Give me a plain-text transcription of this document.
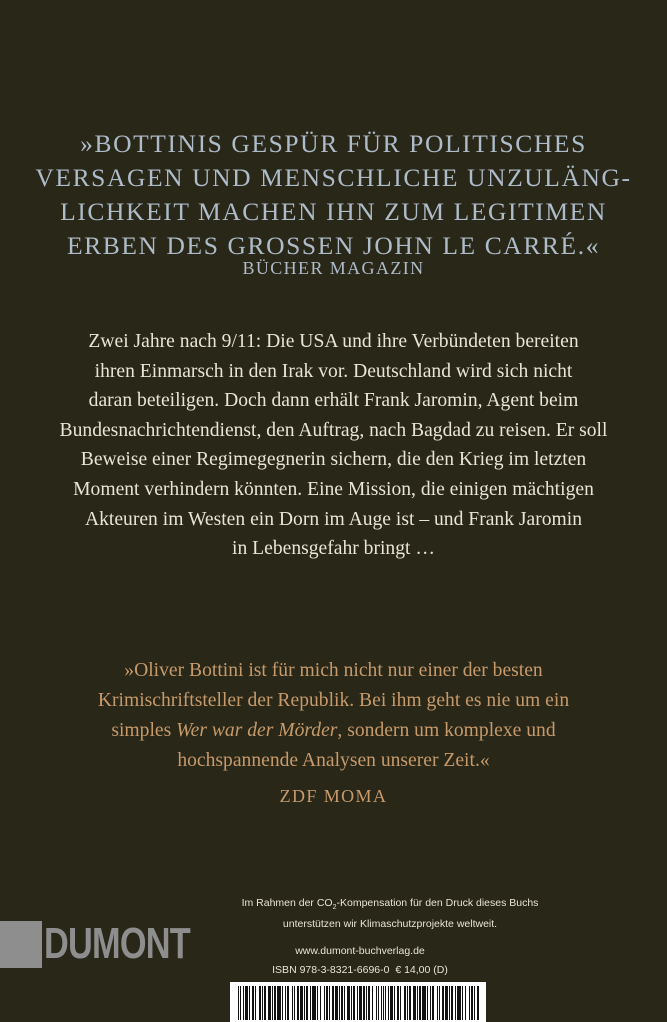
»BOTTINIS GESPÜR FÜR POLITISCHES
VERSAGEN UND MENSCHLICHE UNZULÄNG-
LICHKEIT MACHEN IHN ZUM LEGITIMEN
ERBEN DES GROSSEN JOHN LE CARRÉ.«
BÜCHER MAGAZIN
Zwei Jahre nach 9/11: Die USA und ihre Verbündeten bereiten
ihren Einmarsch in den Irak vor. Deutschland wird sich nicht
daran beteiligen. Doch dann erhält Frank Jaromin, Agent beim
Bundesnachrichtendienst, den Auftrag, nach Bagdad zu reisen. Er soll
Beweise einer Regimegegnerin sichern, die den Krieg im letzten
Moment verhindern könnten. Eine Mission, die einigen mächtigen
Akteuren im Westen ein Dorn im Auge ist – und Frank Jaromin
in Lebensgefahr bringt …
»Oliver Bottini ist für mich nicht nur einer der besten
Krimischriftsteller der Republik. Bei ihm geht es nie um ein
simples Wer war der Mörder, sondern um komplexe und
hochspannende Analysen unserer Zeit.«
ZDF MOMA
Im Rahmen der $CO_2$-Kompensation für den Druck dieses Buchs
unterstützen wir Klimaschutzprojekte weltweit.
DUMONT	www.dumont-buchverlag.de
ISBN 978-3-8321-6696-0 € 14,00 (D)
